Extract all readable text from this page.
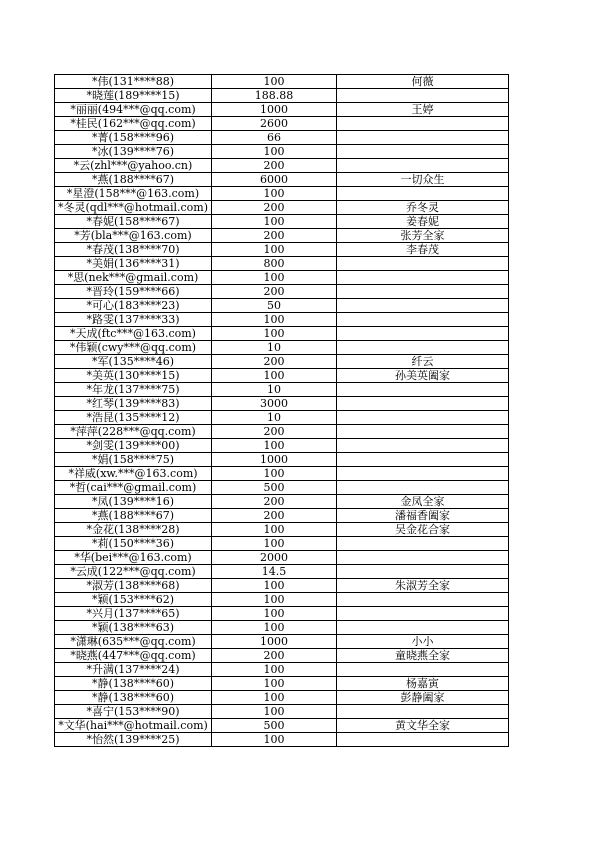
*伟(131****88)	100	何薇
*晓莲(189****15)	188.88	
*丽丽(494***@qq.com)	1000	王婷
*桂民(162***@qq.com)	2600	
*菁(158****96)	66	
*冰(139****76)	100	
*云(zhl***@yahoo.cn)	200	
*燕(188****67)	6000	一切众生
*星澄(158***@163.com)	100	
*冬灵(qdl***@hotmail.com)	200	乔冬灵
*春妮(158****67)	100	姜春妮
*芳(bla***@163.com)	200	张芳全家
*春茂(138****70)	100	李春茂
*美娟(136****31)	800	
*思(nek***@gmail.com)	100	
*晋玲(159****66)	200	
*可心(183****23)	50	
*路雯(137****33)	100	
*天成(ftc***@163.com)	100	
*伟颖(cwy***@qq.com)	10	
*军(135****46)	200	纤云
*美英(130****15)	100	孙美英阖家
*年龙(137****75)	10	
*红琴(139****83)	3000	
*浩昆(135****12)	10	
*萍萍(228***@qq.com)	200	
*剑雯(139****00)	100	
*娟(158****75)	1000	
*祥威(xw.***@163.com)	100	
*哲(cai***@gmail.com)	500	
*凤(139****16)	200	金凤全家
*燕(188****67)	200	潘福香阖家
*金花(138****28)	100	吴金花合家
*莉(150****36)	100	
*华(bei***@163.com)	2000	
*云成(122***@qq.com)	14.5	
*淑芳(138****68)	100	朱淑芳全家
*颖(153****62)	100	
*兴月(137****65)	100	
*颖(138****63)	100	
*潇琳(635***@qq.com)	1000	小小
*晓燕(447***@qq.com)	200	童晓燕全家
*升满(137****24)	100	
*静(138****60)	100	杨嘉寅
*静(138****60)	100	彭静阖家
*喜宁(153****90)	100	
*文华(hai***@hotmail.com)	500	黄文华全家
*怡然(139****25)	100	
